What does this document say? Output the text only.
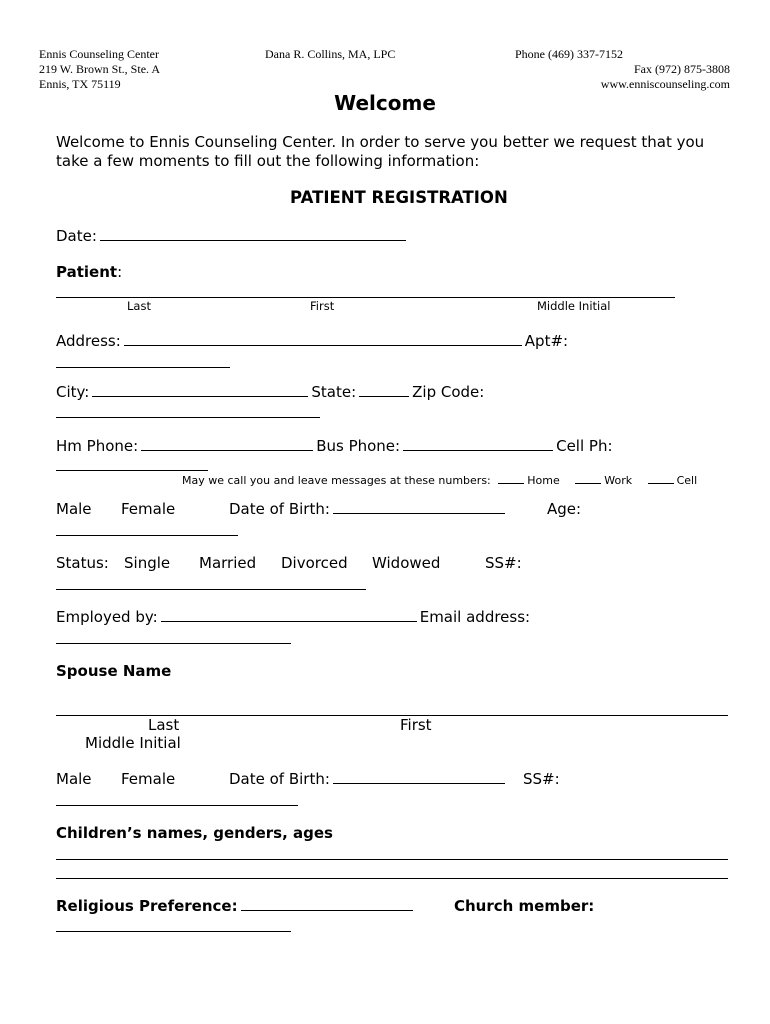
Ennis Counseling Center
219 W. Brown St., Ste. A
Ennis, TX 75119
Dana R. Collins, MA, LPC	Phone (469) 337-7152
Fax (972) 875-3808
www.enniscounseling.com
Welcome
Welcome to Ennis Counseling Center. In order to serve you better we request that you
take a few moments to fill out the following information:
PATIENT REGISTRATION
Date:
Patient:
Last	First	Middle Initial
Address:	Apt#:
City:	State:	Zip Code:
Hm Phone:	Bus Phone:	Cell Ph:
May we call you and leave messages at these numbers:	Home	Work	Cell
Male Female	Date of Birth:	Age:
Status: Single Married Divorced Widowed	SS#:
Employed by:	Email address:
Spouse Name
Last	First
Middle Initial
Male Female	Date of Birth:	SS#:
Children’s names, genders, ages
Religious Preference:	Church member:
